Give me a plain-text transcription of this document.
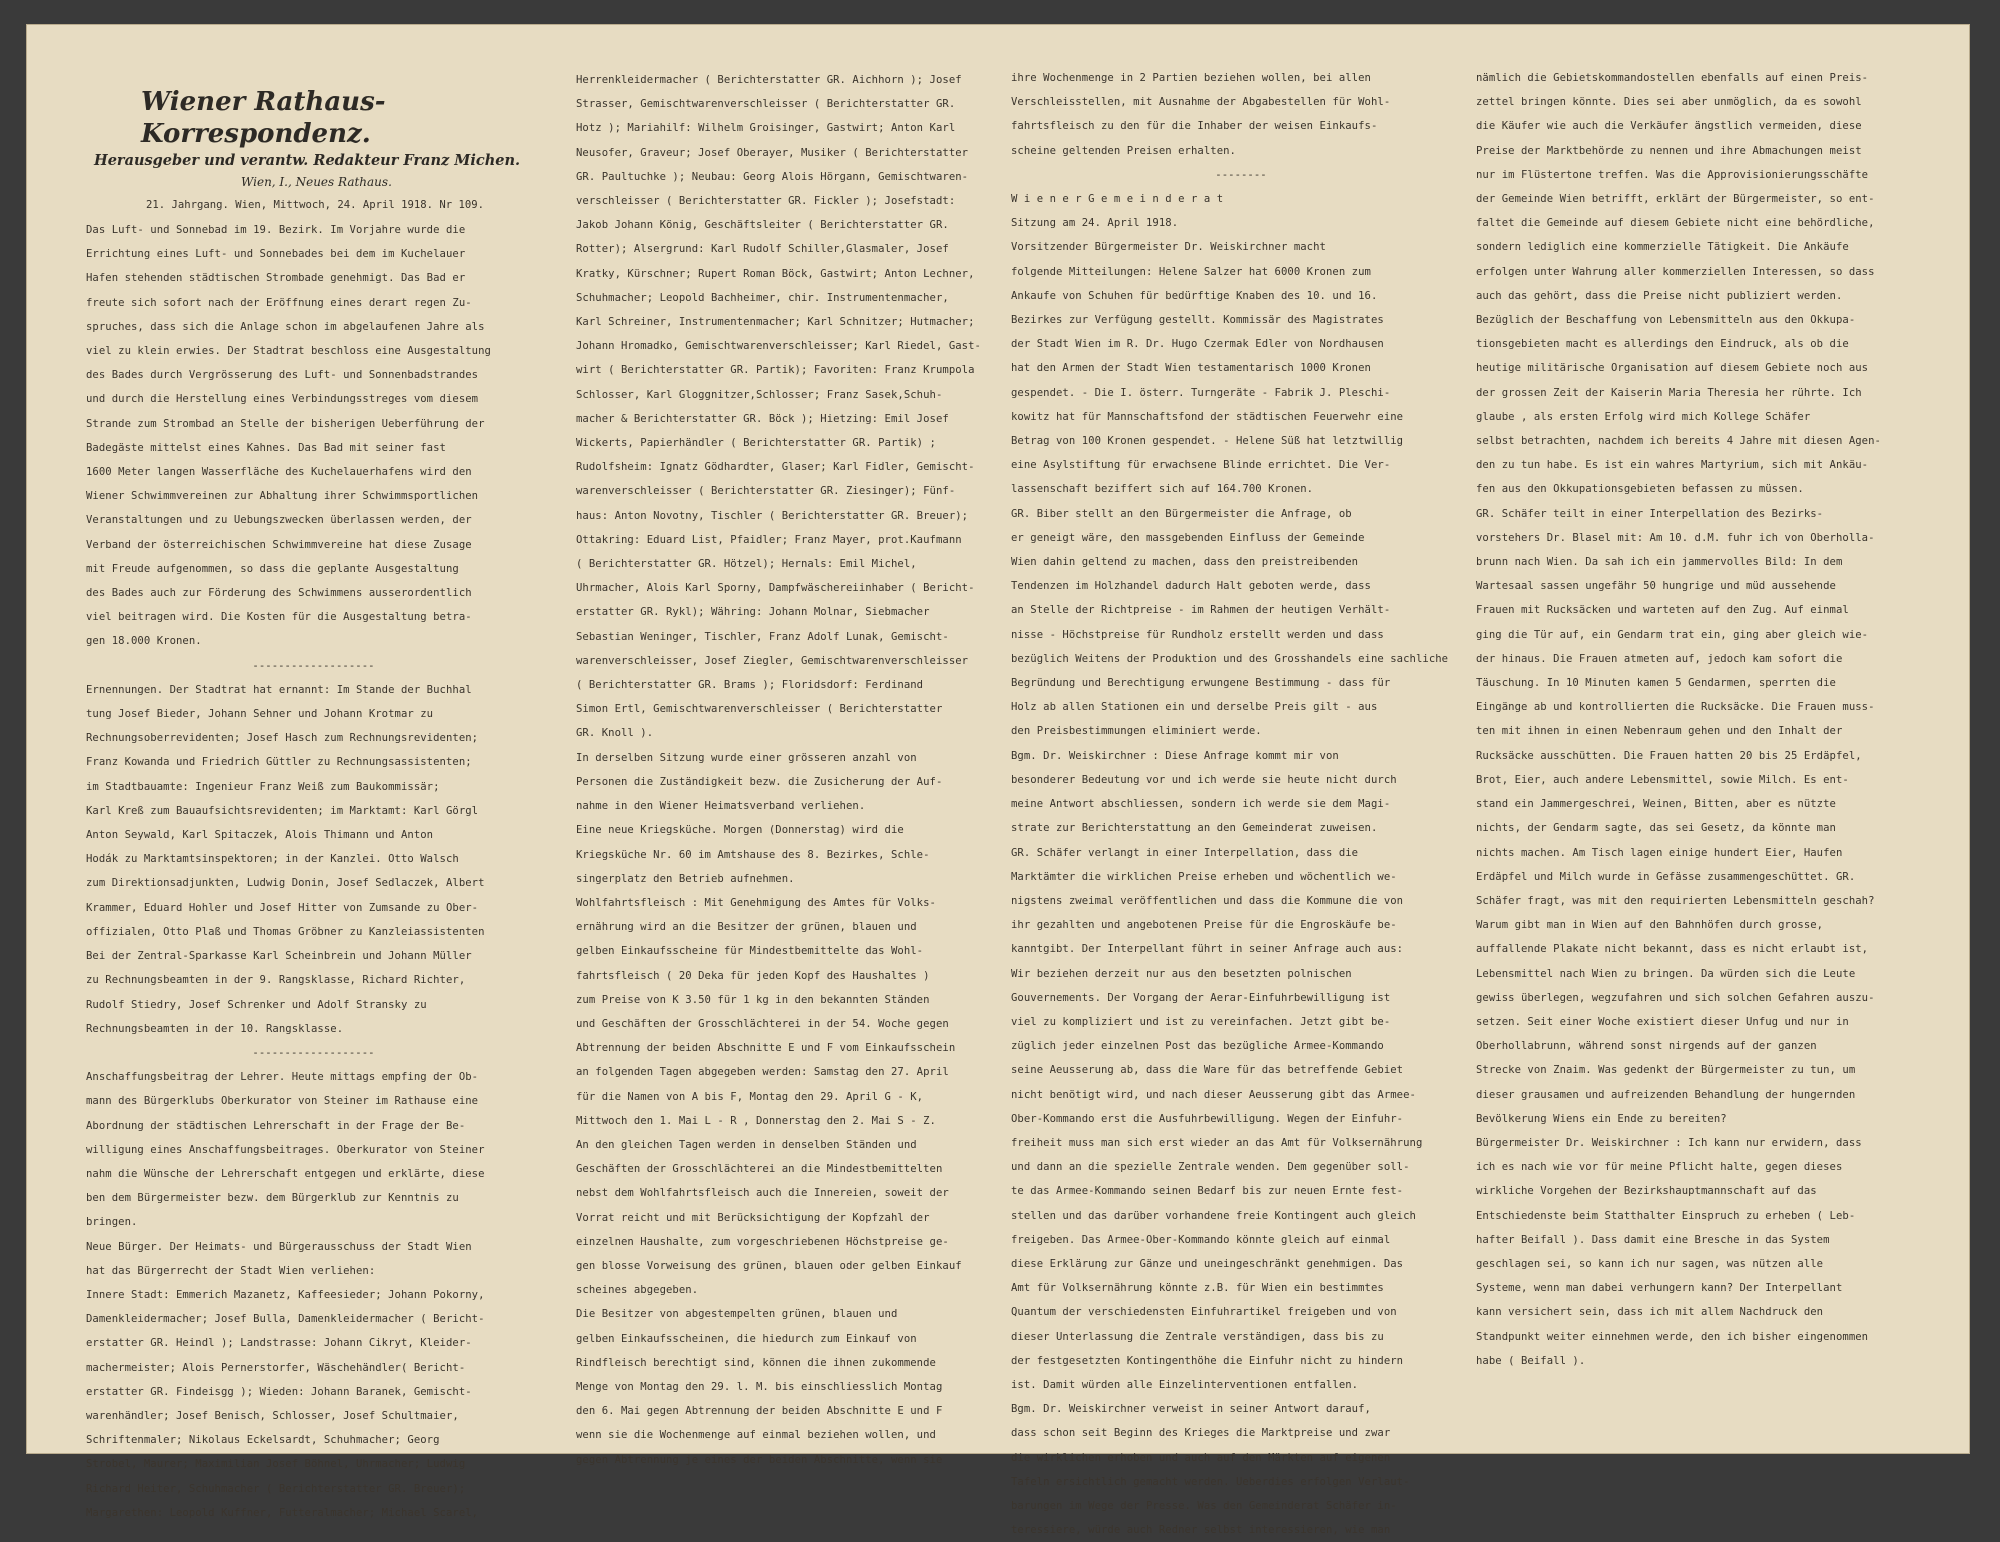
Wiener Rathaus-Korrespondenz.
Herausgeber und verantw. Redakteur Franz Michen.
Wien, I., Neues Rathaus.
21. Jahrgang. Wien, Mittwoch, 24. April 1918. Nr 109.
Das Luft- und Sonnebad im 19. Bezirk. Im Vorjahre wurde die
Errichtung eines Luft- und Sonnebades bei dem im Kuchelauer
Hafen stehenden städtischen Strombade genehmigt. Das Bad er
freute sich sofort nach der Eröffnung eines derart regen Zu-
spruches, dass sich die Anlage schon im abgelaufenen Jahre als
viel zu klein erwies. Der Stadtrat beschloss eine Ausgestaltung
des Bades durch Vergrösserung des Luft- und Sonnenbadstrandes
und durch die Herstellung eines Verbindungsstreges vom diesem
Strande zum Strombad an Stelle der bisherigen Ueberführung der
Badegäste mittelst eines Kahnes. Das Bad mit seiner fast
1600 Meter langen Wasserfläche des Kuchelauerhafens wird den
Wiener Schwimmvereinen zur Abhaltung ihrer Schwimmsportlichen
Veranstaltungen und zu Uebungszwecken überlassen werden, der
Verband der österreichischen Schwimmvereine hat diese Zusage
mit Freude aufgenommen, so dass die geplante Ausgestaltung
des Bades auch zur Förderung des Schwimmens ausserordentlich
viel beitragen wird. Die Kosten für die Ausgestaltung betra-
gen 18.000 Kronen.
-------------------
Ernennungen. Der Stadtrat hat ernannt: Im Stande der Buchhal
tung Josef Bieder, Johann Sehner und Johann Krotmar zu
Rechnungsoberrevidenten; Josef Hasch zum Rechnungsrevidenten;
Franz Kowanda und Friedrich Güttler zu Rechnungsassistenten;
im Stadtbauamte: Ingenieur Franz Weiß zum Baukommissär;
Karl Kreß zum Bauaufsichtsrevidenten; im Marktamt: Karl Görgl
Anton Seywald, Karl Spitaczek, Alois Thimann und Anton
Hodák zu Marktamtsinspektoren; in der Kanzlei. Otto Walsch
zum Direktionsadjunkten, Ludwig Donin, Josef Sedlaczek, Albert
Krammer, Eduard Hohler und Josef Hitter von Zumsande zu Ober-
offizialen, Otto Plaß und Thomas Gröbner zu Kanzleiassistenten
Bei der Zentral-Sparkasse Karl Scheinbrein und Johann Müller
zu Rechnungsbeamten in der 9. Rangsklasse, Richard Richter,
Rudolf Stiedry, Josef Schrenker und Adolf Stransky zu
Rechnungsbeamten in der 10. Rangsklasse.
-------------------
Anschaffungsbeitrag der Lehrer. Heute mittags empfing der Ob-
mann des Bürgerklubs Oberkurator von Steiner im Rathause eine
Abordnung der städtischen Lehrerschaft in der Frage der Be-
willigung eines Anschaffungsbeitrages. Oberkurator von Steiner
nahm die Wünsche der Lehrerschaft entgegen und erklärte, diese
ben dem Bürgermeister bezw. dem Bürgerklub zur Kenntnis zu
bringen.
Neue Bürger. Der Heimats- und Bürgerausschuss der Stadt Wien
hat das Bürgerrecht der Stadt Wien verliehen:
Innere Stadt: Emmerich Mazanetz, Kaffeesieder; Johann Pokorny,
Damenkleidermacher; Josef Bulla, Damenkleidermacher ( Bericht-
erstatter GR. Heindl ); Landstrasse: Johann Cikryt, Kleider-
machermeister; Alois Pernerstorfer, Wäschehändler( Bericht-
erstatter GR. Findeisgg ); Wieden: Johann Baranek, Gemischt-
warenhändler; Josef Benisch, Schlosser, Josef Schultmaier,
Schriftenmaler; Nikolaus Eckelsardt, Schuhmacher; Georg
Strobel, Maurer; Maximilian Josef Böhnel, Uhrmacher; Ludwig
Richard Heiter, Schuhmacher ( Berichterstatter GR. Breuer);
Margarethen: Leopold Kuffner, Futteralmacher; Michael Scarel,
Herrenkleidermacher ( Berichterstatter GR. Aichhorn ); Josef
Strasser, Gemischtwarenverschleisser ( Berichterstatter GR.
Hotz ); Mariahilf: Wilhelm Groisinger, Gastwirt; Anton Karl
Neusofer, Graveur; Josef Oberayer, Musiker ( Berichterstatter
GR. Paultuchke ); Neubau: Georg Alois Hörgann, Gemischtwaren-
verschleisser ( Berichterstatter GR. Fickler ); Josefstadt:
Jakob Johann König, Geschäftsleiter ( Berichterstatter GR.
Rotter); Alsergrund: Karl Rudolf Schiller,Glasmaler, Josef
Kratky, Kürschner; Rupert Roman Böck, Gastwirt; Anton Lechner,
Schuhmacher; Leopold Bachheimer, chir. Instrumentenmacher,
Karl Schreiner, Instrumentenmacher; Karl Schnitzer; Hutmacher;
Johann Hromadko, Gemischtwarenverschleisser; Karl Riedel, Gast-
wirt ( Berichterstatter GR. Partik); Favoriten: Franz Krumpola
Schlosser, Karl Gloggnitzer,Schlosser; Franz Sasek,Schuh-
macher & Berichterstatter GR. Böck ); Hietzing: Emil Josef
Wickerts, Papierhändler ( Berichterstatter GR. Partik) ;
Rudolfsheim: Ignatz Gödhardter, Glaser; Karl Fidler, Gemischt-
warenverschleisser ( Berichterstatter GR. Ziesinger); Fünf-
haus: Anton Novotny, Tischler ( Berichterstatter GR. Breuer);
Ottakring: Eduard List, Pfaidler; Franz Mayer, prot.Kaufmann
( Berichterstatter GR. Hötzel); Hernals: Emil Michel,
Uhrmacher, Alois Karl Sporny, Dampfwäschereiinhaber ( Bericht-
erstatter GR. Rykl); Währing: Johann Molnar, Siebmacher
Sebastian Weninger, Tischler, Franz Adolf Lunak, Gemischt-
warenverschleisser, Josef Ziegler, Gemischtwarenverschleisser
( Berichterstatter GR. Brams ); Floridsdorf: Ferdinand
Simon Ertl, Gemischtwarenverschleisser ( Berichterstatter
GR. Knoll ).
In derselben Sitzung wurde einer grösseren anzahl von
Personen die Zuständigkeit bezw. die Zusicherung der Auf-
nahme in den Wiener Heimatsverband verliehen.
Eine neue Kriegsküche. Morgen (Donnerstag) wird die
Kriegsküche Nr. 60 im Amtshause des 8. Bezirkes, Schle-
singerplatz den Betrieb aufnehmen.
Wohlfahrtsfleisch : Mit Genehmigung des Amtes für Volks-
ernährung wird an die Besitzer der grünen, blauen und
gelben Einkaufsscheine für Mindestbemittelte das Wohl-
fahrtsfleisch ( 20 Deka für jeden Kopf des Haushaltes )
zum Preise von K 3.50 für 1 kg in den bekannten Ständen
und Geschäften der Grosschlächterei in der 54. Woche gegen
Abtrennung der beiden Abschnitte E und F vom Einkaufsschein
an folgenden Tagen abgegeben werden: Samstag den 27. April
für die Namen von A bis F, Montag den 29. April G - K,
Mittwoch den 1. Mai L - R , Donnerstag den 2. Mai S - Z.
An den gleichen Tagen werden in denselben Ständen und
Geschäften der Grosschlächterei an die Mindestbemittelten
nebst dem Wohlfahrtsfleisch auch die Innereien, soweit der
Vorrat reicht und mit Berücksichtigung der Kopfzahl der
einzelnen Haushalte, zum vorgeschriebenen Höchstpreise ge-
gen blosse Vorweisung des grünen, blauen oder gelben Einkauf
scheines abgegeben.
Die Besitzer von abgestempelten grünen, blauen und
gelben Einkaufsscheinen, die hiedurch zum Einkauf von
Rindfleisch berechtigt sind, können die ihnen zukommende
Menge von Montag den 29. l. M. bis einschliesslich Montag
den 6. Mai gegen Abtrennung der beiden Abschnitte E und F
wenn sie die Wochenmenge auf einmal beziehen wollen, und
gegen Abtrennung je eines der beiden Abschnitte, wenn sie
ihre Wochenmenge in 2 Partien beziehen wollen, bei allen
Verschleisstellen, mit Ausnahme der Abgabestellen für Wohl-
fahrtsfleisch zu den für die Inhaber der weisen Einkaufs-
scheine geltenden Preisen erhalten.
--------
W i e n e r G e m e i n d e r a t
Sitzung am 24. April 1918.
Vorsitzender Bürgermeister Dr. Weiskirchner macht
folgende Mitteilungen: Helene Salzer hat 6000 Kronen zum
Ankaufe von Schuhen für bedürftige Knaben des 10. und 16.
Bezirkes zur Verfügung gestellt. Kommissär des Magistrates
der Stadt Wien im R. Dr. Hugo Czermak Edler von Nordhausen
hat den Armen der Stadt Wien testamentarisch 1000 Kronen
gespendet. - Die I. österr. Turngeräte - Fabrik J. Pleschi-
kowitz hat für Mannschaftsfond der städtischen Feuerwehr eine
Betrag von 100 Kronen gespendet. - Helene Süß hat letztwillig
eine Asylstiftung für erwachsene Blinde errichtet. Die Ver-
lassenschaft beziffert sich auf 164.700 Kronen.
GR. Biber stellt an den Bürgermeister die Anfrage, ob
er geneigt wäre, den massgebenden Einfluss der Gemeinde
Wien dahin geltend zu machen, dass den preistreibenden
Tendenzen im Holzhandel dadurch Halt geboten werde, dass
an Stelle der Richtpreise - im Rahmen der heutigen Verhält-
nisse - Höchstpreise für Rundholz erstellt werden und dass
bezüglich Weitens der Produktion und des Grosshandels eine sachliche
Begründung und Berechtigung erwungene Bestimmung - dass für
Holz ab allen Stationen ein und derselbe Preis gilt - aus
den Preisbestimmungen eliminiert werde.
Bgm. Dr. Weiskirchner : Diese Anfrage kommt mir von
besonderer Bedeutung vor und ich werde sie heute nicht durch
meine Antwort abschliessen, sondern ich werde sie dem Magi-
strate zur Berichterstattung an den Gemeinderat zuweisen.
GR. Schäfer verlangt in einer Interpellation, dass die
Marktämter die wirklichen Preise erheben und wöchentlich we-
nigstens zweimal veröffentlichen und dass die Kommune die von
ihr gezahlten und angebotenen Preise für die Engroskäufe be-
kanntgibt. Der Interpellant führt in seiner Anfrage auch aus:
Wir beziehen derzeit nur aus den besetzten polnischen
Gouvernements. Der Vorgang der Aerar-Einfuhrbewilligung ist
viel zu kompliziert und ist zu vereinfachen. Jetzt gibt be-
züglich jeder einzelnen Post das bezügliche Armee-Kommando
seine Aeusserung ab, dass die Ware für das betreffende Gebiet
nicht benötigt wird, und nach dieser Aeusserung gibt das Armee-
Ober-Kommando erst die Ausfuhrbewilligung. Wegen der Einfuhr-
freiheit muss man sich erst wieder an das Amt für Volksernährung
und dann an die spezielle Zentrale wenden. Dem gegenüber soll-
te das Armee-Kommando seinen Bedarf bis zur neuen Ernte fest-
stellen und das darüber vorhandene freie Kontingent auch gleich
freigeben. Das Armee-Ober-Kommando könnte gleich auf einmal
diese Erklärung zur Gänze und uneingeschränkt genehmigen. Das
Amt für Volksernährung könnte z.B. für Wien ein bestimmtes
Quantum der verschiedensten Einfuhrartikel freigeben und von
dieser Unterlassung die Zentrale verständigen, dass bis zu
der festgesetzten Kontingenthöhe die Einfuhr nicht zu hindern
ist. Damit würden alle Einzelinterventionen entfallen.
Bgm. Dr. Weiskirchner verweist in seiner Antwort darauf,
dass schon seit Beginn des Krieges die Marktpreise und zwar
die wirklichen erhoben und auch auf den Märkten auf eigenen
Tafeln ersichtlich gemacht werden. Ueberdies erfolgen Verlaut-
barungen im Wege der Presse. Was den Gemeinderat Schäfer in-
teressiere, würde auch Redner selbst interessieren, wie man
nämlich die Gebietskommandostellen ebenfalls auf einen Preis-
zettel bringen könnte. Dies sei aber unmöglich, da es sowohl
die Käufer wie auch die Verkäufer ängstlich vermeiden, diese
Preise der Marktbehörde zu nennen und ihre Abmachungen meist
nur im Flüstertone treffen. Was die Approvisionierungsschäfte
der Gemeinde Wien betrifft, erklärt der Bürgermeister, so ent-
faltet die Gemeinde auf diesem Gebiete nicht eine behördliche,
sondern lediglich eine kommerzielle Tätigkeit. Die Ankäufe
erfolgen unter Wahrung aller kommerziellen Interessen, so dass
auch das gehört, dass die Preise nicht publiziert werden.
Bezüglich der Beschaffung von Lebensmitteln aus den Okkupa-
tionsgebieten macht es allerdings den Eindruck, als ob die
heutige militärische Organisation auf diesem Gebiete noch aus
der grossen Zeit der Kaiserin Maria Theresia her rührte. Ich
glaube , als ersten Erfolg wird mich Kollege Schäfer
selbst betrachten, nachdem ich bereits 4 Jahre mit diesen Agen-
den zu tun habe. Es ist ein wahres Martyrium, sich mit Ankäu-
fen aus den Okkupationsgebieten befassen zu müssen.
GR. Schäfer teilt in einer Interpellation des Bezirks-
vorstehers Dr. Blasel mit: Am 10. d.M. fuhr ich von Oberholla-
brunn nach Wien. Da sah ich ein jammervolles Bild: In dem
Wartesaal sassen ungefähr 50 hungrige und müd aussehende
Frauen mit Rucksäcken und warteten auf den Zug. Auf einmal
ging die Tür auf, ein Gendarm trat ein, ging aber gleich wie-
der hinaus. Die Frauen atmeten auf, jedoch kam sofort die
Täuschung. In 10 Minuten kamen 5 Gendarmen, sperrten die
Eingänge ab und kontrollierten die Rucksäcke. Die Frauen muss-
ten mit ihnen in einen Nebenraum gehen und den Inhalt der
Rucksäcke ausschütten. Die Frauen hatten 20 bis 25 Erdäpfel,
Brot, Eier, auch andere Lebensmittel, sowie Milch. Es ent-
stand ein Jammergeschrei, Weinen, Bitten, aber es nützte
nichts, der Gendarm sagte, das sei Gesetz, da könnte man
nichts machen. Am Tisch lagen einige hundert Eier, Haufen
Erdäpfel und Milch wurde in Gefässe zusammengeschüttet. GR.
Schäfer fragt, was mit den requirierten Lebensmitteln geschah?
Warum gibt man in Wien auf den Bahnhöfen durch grosse,
auffallende Plakate nicht bekannt, dass es nicht erlaubt ist,
Lebensmittel nach Wien zu bringen. Da würden sich die Leute
gewiss überlegen, wegzufahren und sich solchen Gefahren auszu-
setzen. Seit einer Woche existiert dieser Unfug und nur in
Oberhollabrunn, während sonst nirgends auf der ganzen
Strecke von Znaim. Was gedenkt der Bürgermeister zu tun, um
dieser grausamen und aufreizenden Behandlung der hungernden
Bevölkerung Wiens ein Ende zu bereiten?
Bürgermeister Dr. Weiskirchner : Ich kann nur erwidern, dass
ich es nach wie vor für meine Pflicht halte, gegen dieses
wirkliche Vorgehen der Bezirkshauptmannschaft auf das
Entschiedenste beim Statthalter Einspruch zu erheben ( Leb-
hafter Beifall ). Dass damit eine Bresche in das System
geschlagen sei, so kann ich nur sagen, was nützen alle
Systeme, wenn man dabei verhungern kann? Der Interpellant
kann versichert sein, dass ich mit allem Nachdruck den
Standpunkt weiter einnehmen werde, den ich bisher eingenommen
habe ( Beifall ).
